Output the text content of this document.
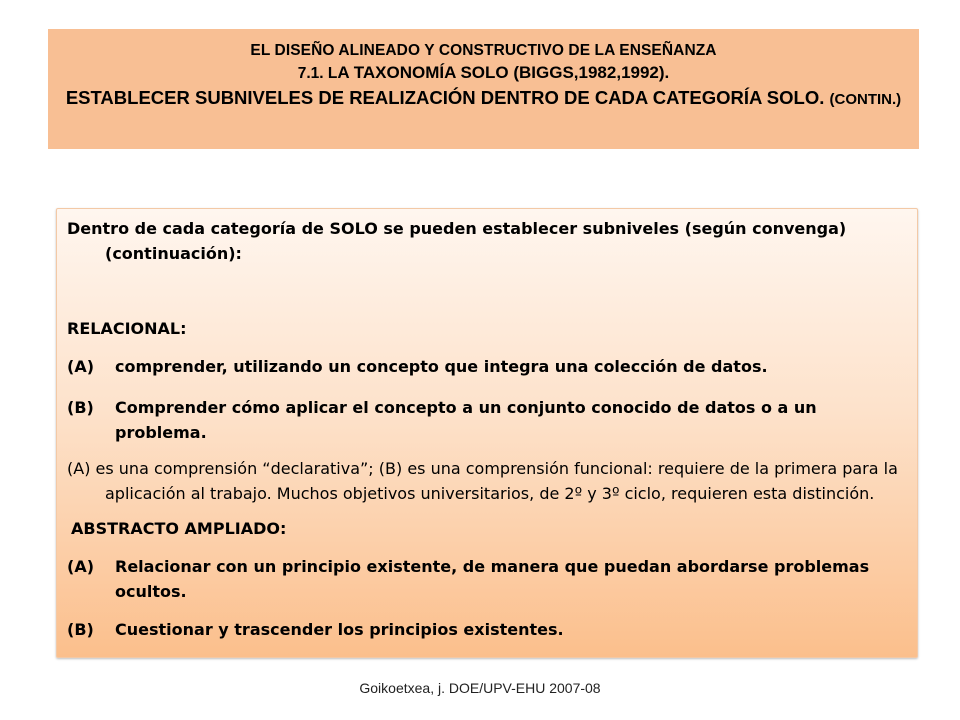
EL DISEÑO ALINEADO Y CONSTRUCTIVO DE LA ENSEÑANZA
7.1. LA TAXONOMÍA SOLO (BIGGS,1982,1992).
ESTABLECER SUBNIVELES DE REALIZACIÓN DENTRO DE CADA CATEGORÍA SOLO. (CONTIN.)

Dentro de cada categoría de SOLO se pueden establecer subniveles (según convenga) (continuación):

RELACIONAL:

(A)	comprender, utilizando un concepto que integra una colección de datos.
(B)	Comprender cómo aplicar el concepto a un conjunto conocido de datos o a un problema.

(A) es una comprensión “declarativa”; (B) es una comprensión funcional: requiere de la primera para la aplicación al trabajo. Muchos objetivos universitarios, de 2º y 3º ciclo, requieren esta distinción.

ABSTRACTO AMPLIADO:

(A)	Relacionar con un principio existente, de manera que puedan abordarse problemas ocultos.
(B)	Cuestionar y trascender los principios existentes.
Goikoetxea, j. DOE/UPV-EHU 2007-08
